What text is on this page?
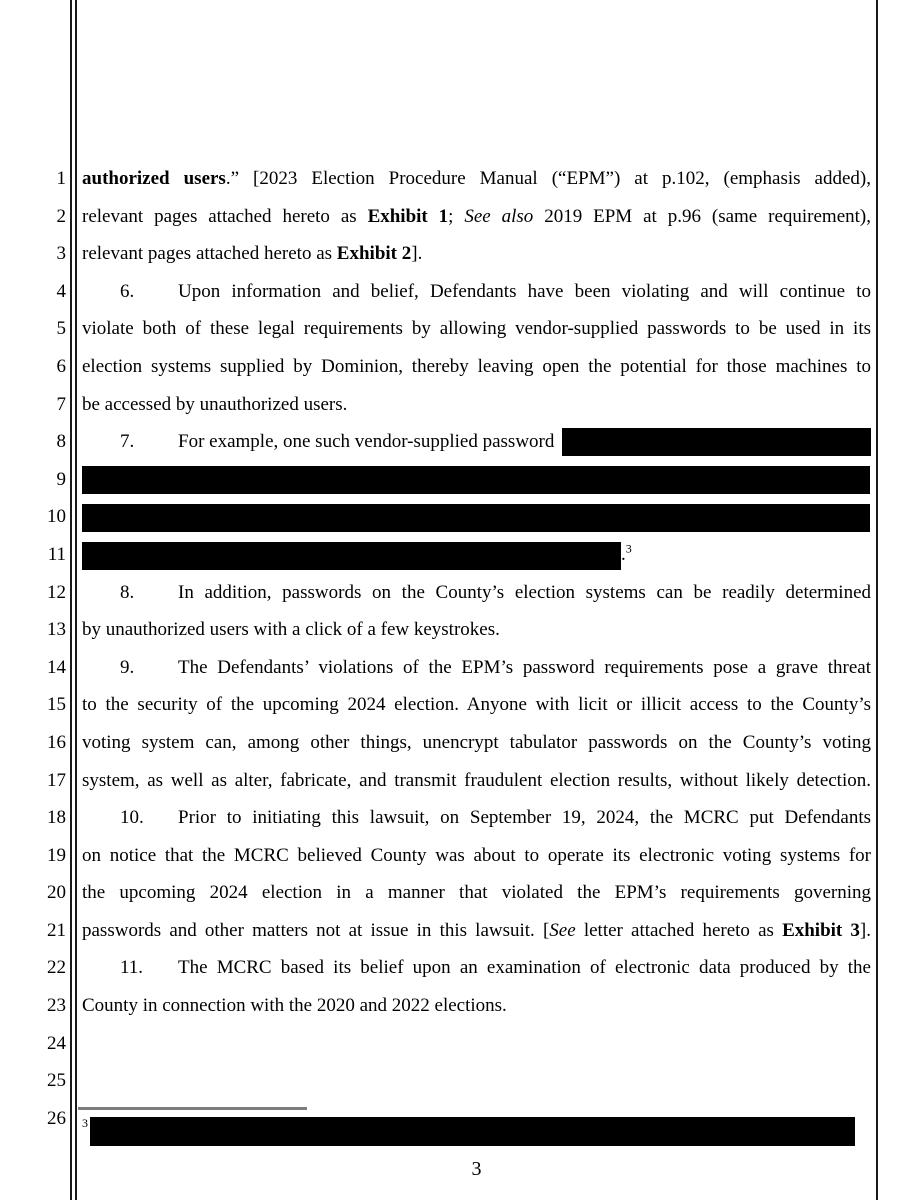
1
2
3
4
5
6
7
8
9
10
11
12
13
14
15
16
17
18
19
20
21
22
23
24
25
26
authorized users.” [2023 Election Procedure Manual (“EPM”) at p.102, (emphasis added),
relevant pages attached hereto as Exhibit 1; See also 2019 EPM at p.96 (same requirement),
relevant pages attached hereto as Exhibit 2].
6. Upon information and belief, Defendants have been violating and will continue to
violate both of these legal requirements by allowing vendor-supplied passwords to be used in its
election systems supplied by Dominion, thereby leaving open the potential for those machines to
be accessed by unauthorized users.
7.	For example, one such vendor-supplied password
.$^3$
8. In addition, passwords on the County’s election systems can be readily determined
by unauthorized users with a click of a few keystrokes.
9. The Defendants’ violations of the EPM’s password requirements pose a grave threat
to the security of the upcoming 2024 election. Anyone with licit or illicit access to the County’s
voting system can, among other things, unencrypt tabulator passwords on the County’s voting
system, as well as alter, fabricate, and transmit fraudulent election results, without likely detection.
10. Prior to initiating this lawsuit, on September 19, 2024, the MCRC put Defendants
on notice that the MCRC believed County was about to operate its electronic voting systems for
the upcoming 2024 election in a manner that violated the EPM’s requirements governing
passwords and other matters not at issue in this lawsuit. [See letter attached hereto as Exhibit 3].
11. The MCRC based its belief upon an examination of electronic data produced by the
County in connection with the 2020 and 2022 elections.
3
3
